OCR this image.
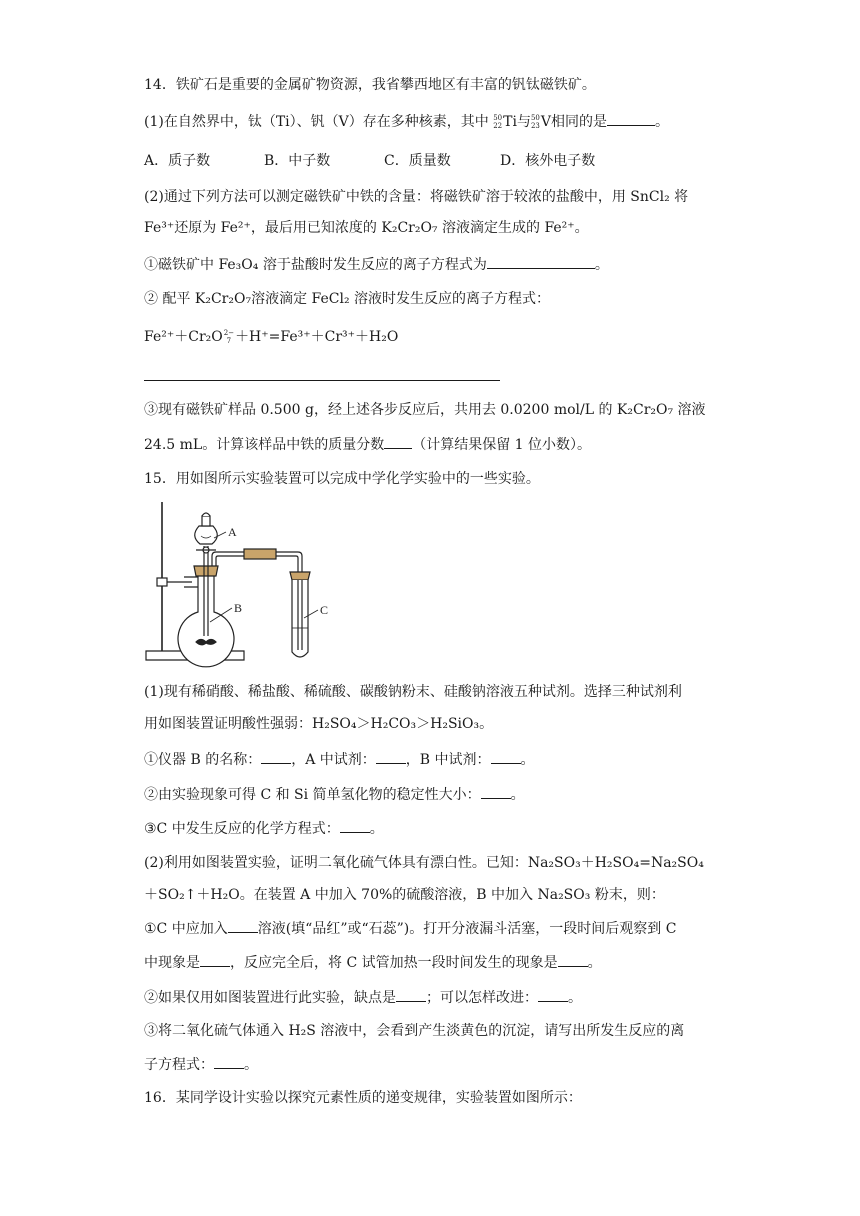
14．铁矿石是重要的金属矿物资源，我省攀西地区有丰富的钒钛磁铁矿。
(1)在自然界中，钛（Ti）、钒（V）存在多种核素，其中 50
22 Ti与 50
23 V相同的是	。
A．质子数	B．中子数	C．质量数	D．核外电子数
(2)通过下列方法可以测定磁铁矿中铁的含量：将磁铁矿溶于较浓的盐酸中，用 SnCl₂ 将
Fe³⁺还原为 Fe²⁺，最后用已知浓度的 K₂Cr₂O₇ 溶液滴定生成的 Fe²⁺。
①磁铁矿中 Fe₃O₄ 溶于盐酸时发生反应的离子方程式为	。
② 配平 K₂Cr₂O₇溶液滴定 FeCl₂ 溶液时发生反应的离子方程式：
Fe²⁺＋Cr₂O 2−
7 ＋H⁺=Fe³⁺＋Cr³⁺＋H₂O
③现有磁铁矿样品 0.500 g，经上述各步反应后，共用去 0.0200 mol/L 的 K₂Cr₂O₇ 溶液
24.5 mL。计算该样品中铁的质量分数 （计算结果保留 1 位小数）。
15．用如图所示实验装置可以完成中学化学实验中的一些实验。
A
B	C
(1)现有稀硝酸、稀盐酸、稀硫酸、碳酸钠粉末、硅酸钠溶液五种试剂。选择三种试剂利
用如图装置证明酸性强弱：H₂SO₄＞H₂CO₃＞H₂SiO₃。
①仪器 B 的名称： ，A 中试剂： ，B 中试剂： 。
②由实验现象可得 C 和 Si 简单氢化物的稳定性大小： 。
③C 中发生反应的化学方程式： 。
(2)利用如图装置实验，证明二氧化硫气体具有漂白性。已知：Na₂SO₃＋H₂SO₄=Na₂SO₄
＋SO₂↑＋H₂O。在装置 A 中加入 70%的硫酸溶液，B 中加入 Na₂SO₃ 粉末，则：
①C 中应加入 溶液(填“品红”或“石蕊”)。打开分液漏斗活塞，一段时间后观察到 C
中现象是 ，反应完全后，将 C 试管加热一段时间发生的现象是 。
②如果仅用如图装置进行此实验，缺点是 ；可以怎样改进： 。
③将二氧化硫气体通入 H₂S 溶液中，会看到产生淡黄色的沉淀，请写出所发生反应的离
子方程式： 。
16．某同学设计实验以探究元素性质的递变规律，实验装置如图所示：
